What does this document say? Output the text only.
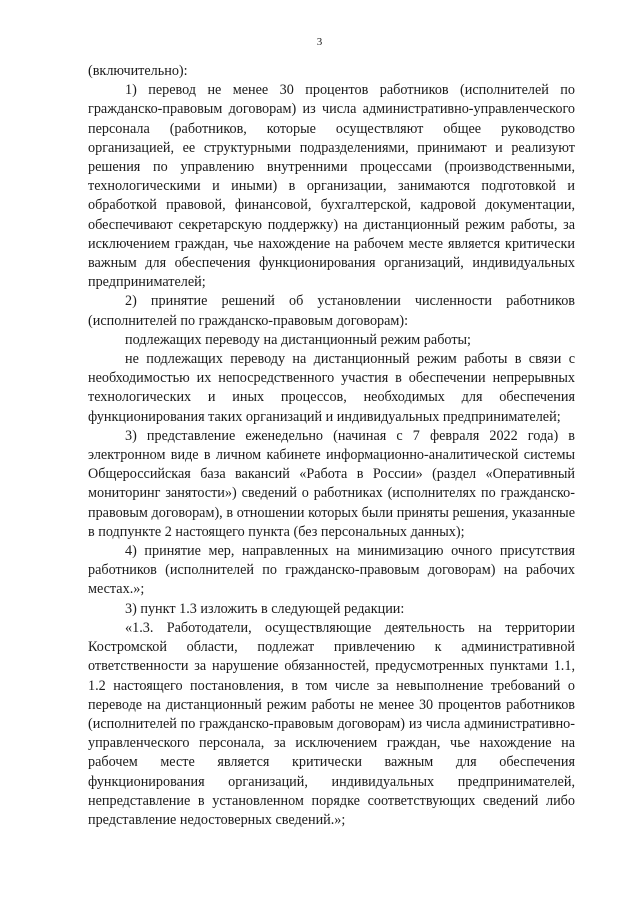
3

(включительно):

1) перевод не менее 30 процентов работников (исполнителей по гражданско-правовым договорам) из числа административно-управленческого персонала (работников, которые осуществляют общее руководство организацией, ее структурными подразделениями, принимают и реализуют решения по управлению внутренними процессами (производственными, технологическими и иными) в организации, занимаются подготовкой и обработкой правовой, финансовой, бухгалтерской, кадровой документации, обеспечивают секретарскую поддержку) на дистанционный режим работы, за исключением граждан, чье нахождение на рабочем месте является критически важным для обеспечения функционирования организаций, индивидуальных предпринимателей;

2) принятие решений об установлении численности работников (исполнителей по гражданско-правовым договорам):

подлежащих переводу на дистанционный режим работы;

не подлежащих переводу на дистанционный режим работы в связи с необходимостью их непосредственного участия в обеспечении непрерывных технологических и иных процессов, необходимых для обеспечения функционирования таких организаций и индивидуальных предпринимателей;

3) представление еженедельно (начиная с 7 февраля 2022 года) в электронном виде в личном кабинете информационно-аналитической системы Общероссийская база вакансий «Работа в России» (раздел «Оперативный мониторинг занятости») сведений о работниках (исполнителях по гражданско-правовым договорам), в отношении которых были приняты решения, указанные в подпункте 2 настоящего пункта (без персональных данных);

4) принятие мер, направленных на минимизацию очного присутствия работников (исполнителей по гражданско-правовым договорам) на рабочих местах.»;

3) пункт 1.3 изложить в следующей редакции:

«1.3. Работодатели, осуществляющие деятельность на территории Костромской области, подлежат привлечению к административной ответственности за нарушение обязанностей, предусмотренных пунктами 1.1, 1.2 настоящего постановления, в том числе за невыполнение требований о переводе на дистанционный режим работы не менее 30 процентов работников (исполнителей по гражданско-правовым договорам) из числа административно-управленческого персонала, за исключением граждан, чье нахождение на рабочем месте является критически важным для обеспечения функционирования организаций, индивидуальных предпринимателей, непредставление в установленном порядке соответствующих сведений либо представление недостоверных сведений.»;
